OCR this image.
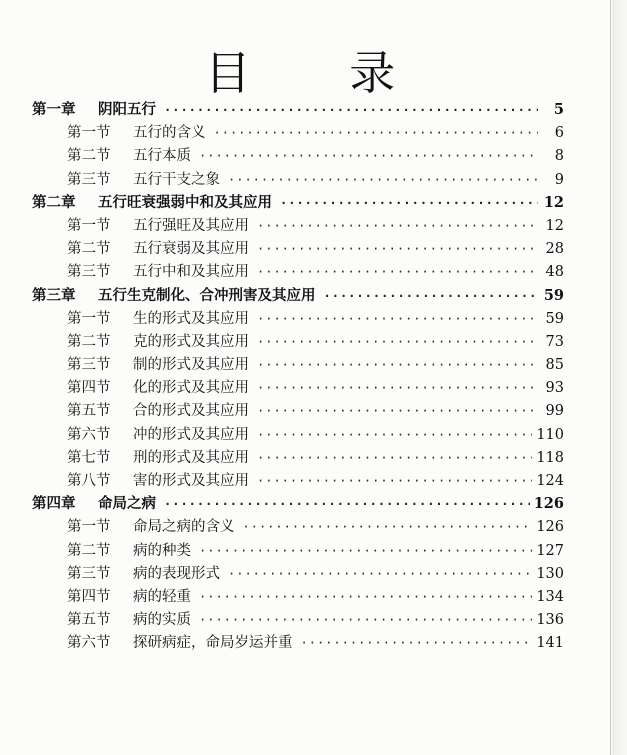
目 录
第一章	阴阳五行 ·····	5
第一节	五行的含义 ·····	6
第二节	五行本质 ·····	8
第三节	五行干支之象 ·····	9
第二章	五行旺衰强弱中和及其应用 ·····	12
第一节	五行强旺及其应用 ·····	12
第二节	五行衰弱及其应用 ·····	28
第三节	五行中和及其应用 ·····	48
第三章	五行生克制化、合冲刑害及其应用 ·····	59
第一节	生的形式及其应用 ·····	59
第二节	克的形式及其应用 ·····	73
第三节	制的形式及其应用 ·····	85
第四节	化的形式及其应用 ·····	93
第五节	合的形式及其应用 ·····	99
第六节	冲的形式及其应用 ·····	110
第七节	刑的形式及其应用 ·····	118
第八节	害的形式及其应用 ·····	124
第四章	命局之病 ·····	126
第一节	命局之病的含义 ·····	126
第二节	病的种类 ·····	127
第三节	病的表现形式 ·····	130
第四节	病的轻重 ·····	134
第五节	病的实质 ·····	136
第六节	探研病症，命局岁运并重 ·····	141
